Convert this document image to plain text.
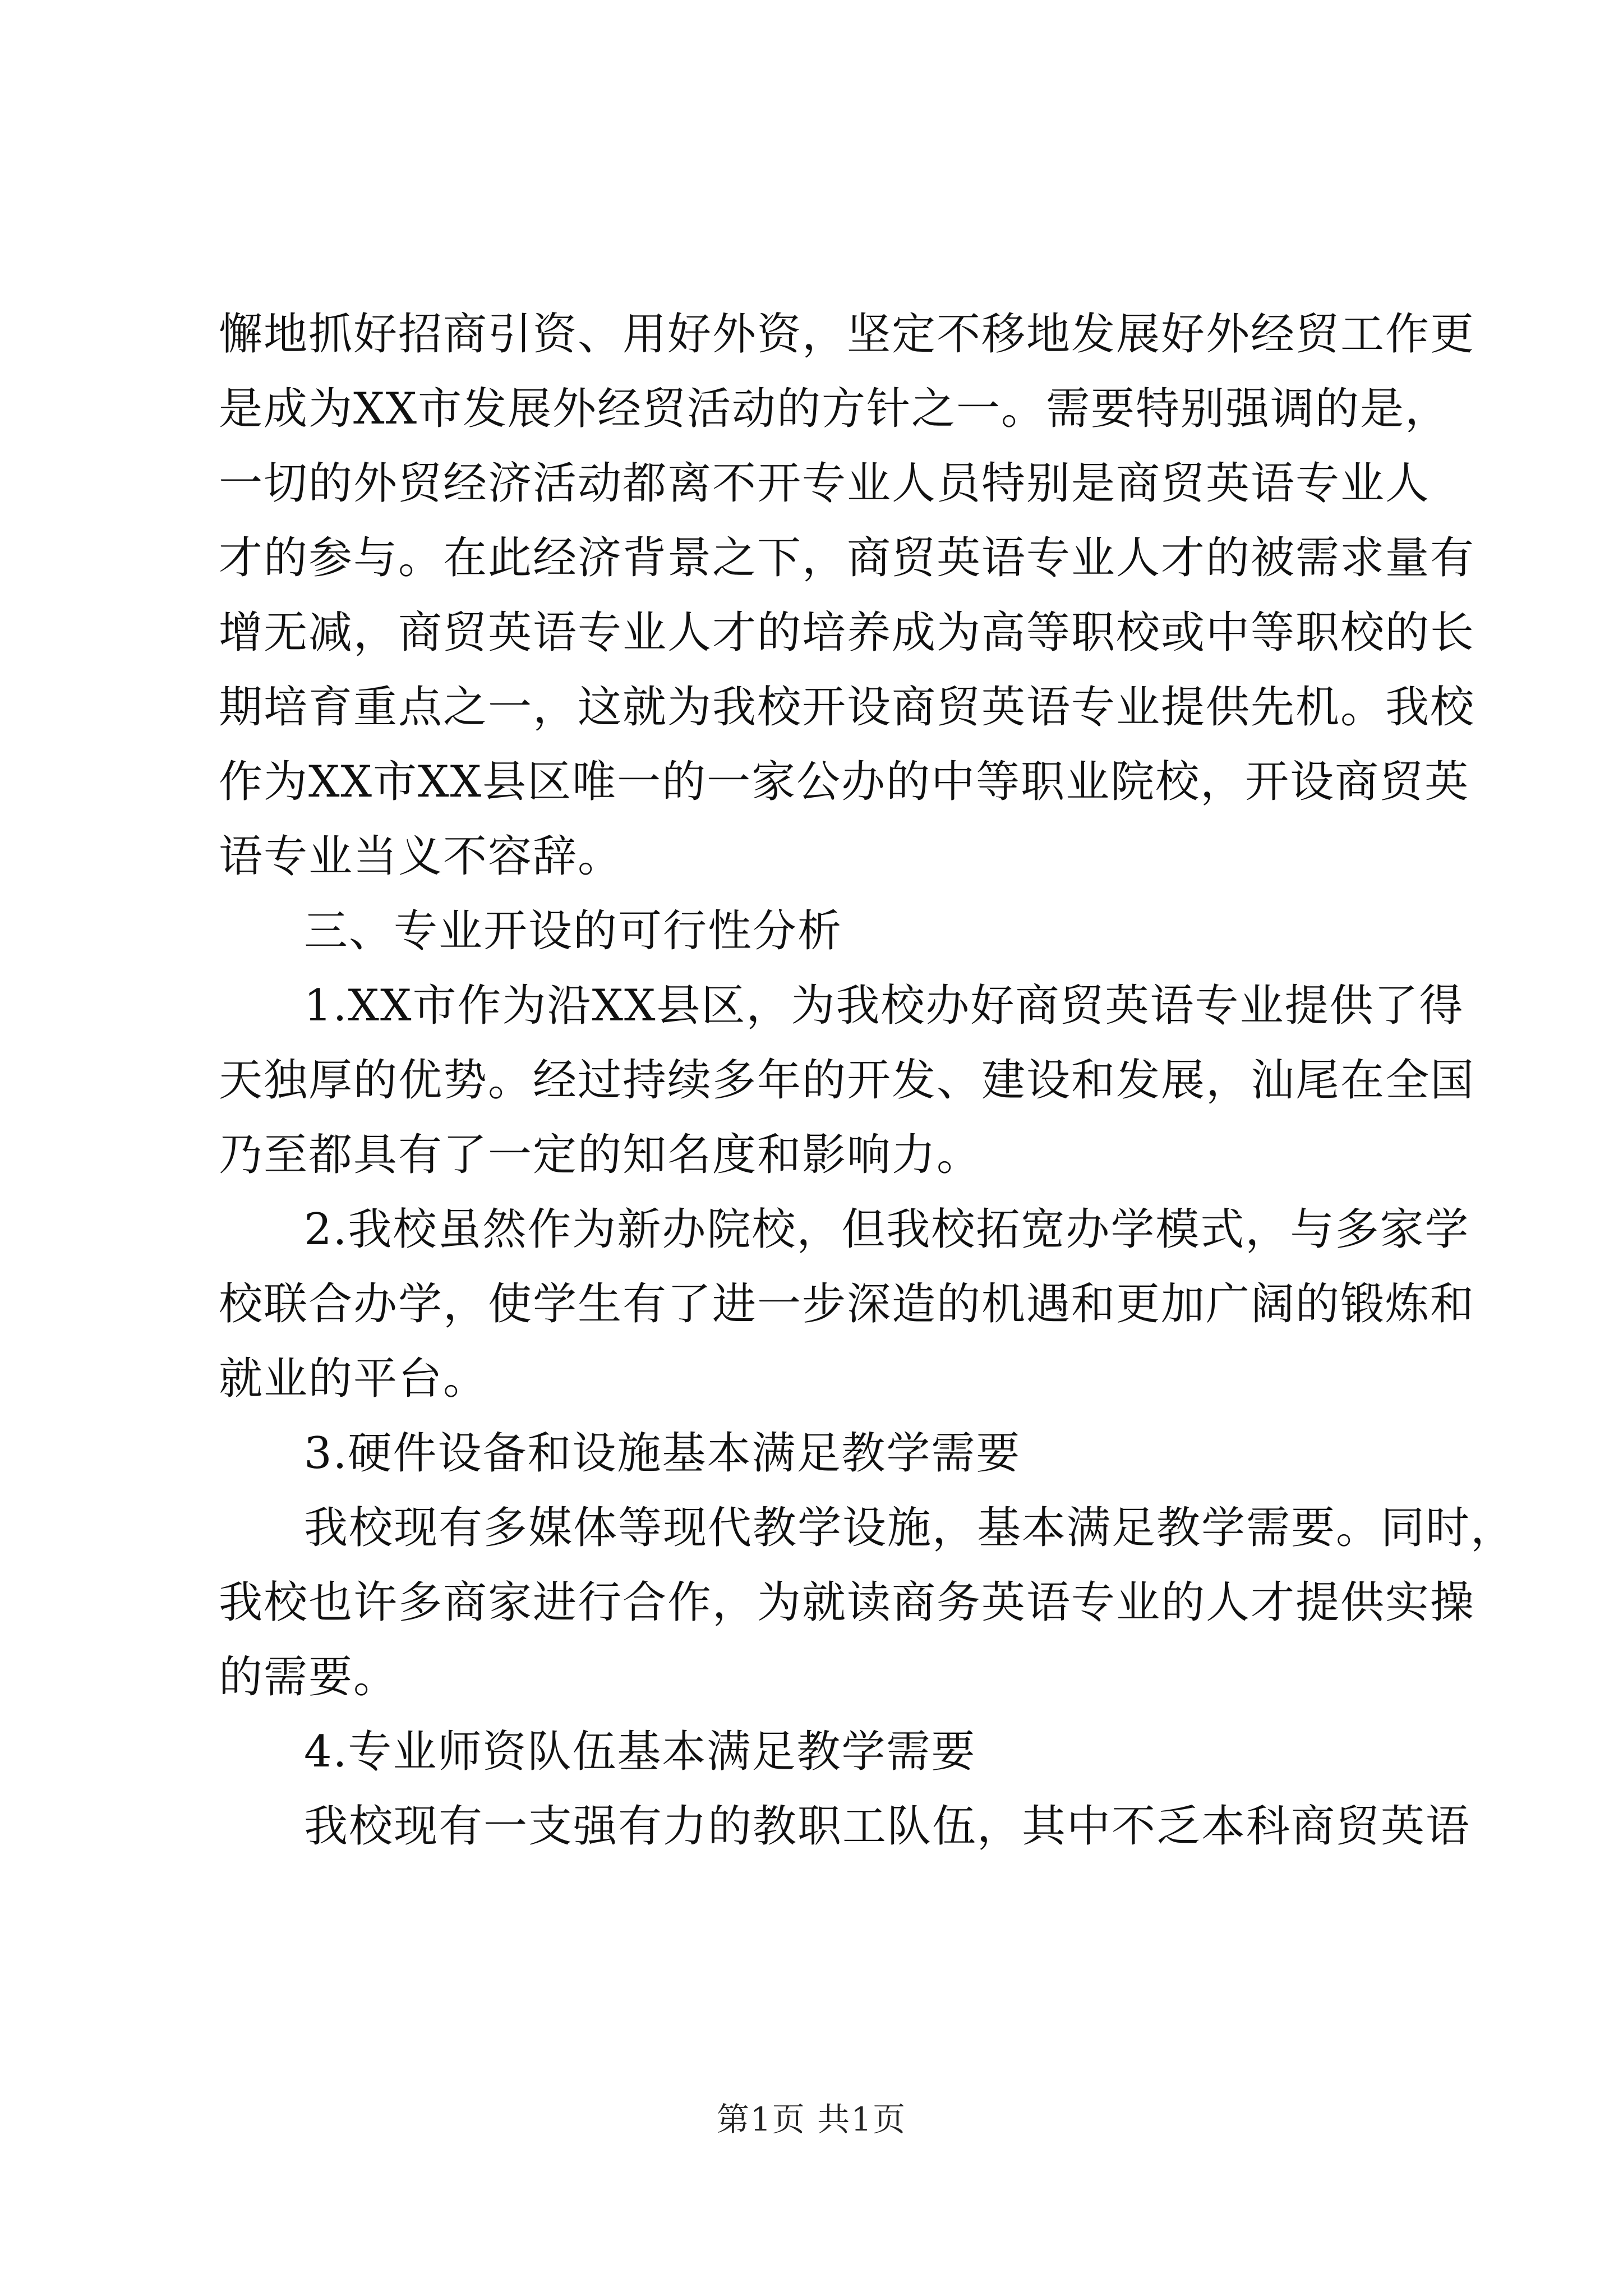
懈地抓好招商引资、用好外资，坚定不移地发展好外经贸工作更
是成为XX市发展外经贸活动的方针之一。需要特别强调的是，
一切的外贸经济活动都离不开专业人员特别是商贸英语专业人
才的参与。在此经济背景之下，商贸英语专业人才的被需求量有
增无减，商贸英语专业人才的培养成为高等职校或中等职校的长
期培育重点之一，这就为我校开设商贸英语专业提供先机。我校
作为XX市XX县区唯一的一家公办的中等职业院校，开设商贸英
语专业当义不容辞。
三、专业开设的可行性分析
1.XX市作为沿XX县区，为我校办好商贸英语专业提供了得
天独厚的优势。经过持续多年的开发、建设和发展，汕尾在全国
乃至都具有了一定的知名度和影响力。
2.我校虽然作为新办院校，但我校拓宽办学模式，与多家学
校联合办学，使学生有了进一步深造的机遇和更加广阔的锻炼和
就业的平台。
3.硬件设备和设施基本满足教学需要
我校现有多媒体等现代教学设施，基本满足教学需要。同时，
我校也许多商家进行合作，为就读商务英语专业的人才提供实操
的需要。
4.专业师资队伍基本满足教学需要
我校现有一支强有力的教职工队伍，其中不乏本科商贸英语
第1页 共1页
